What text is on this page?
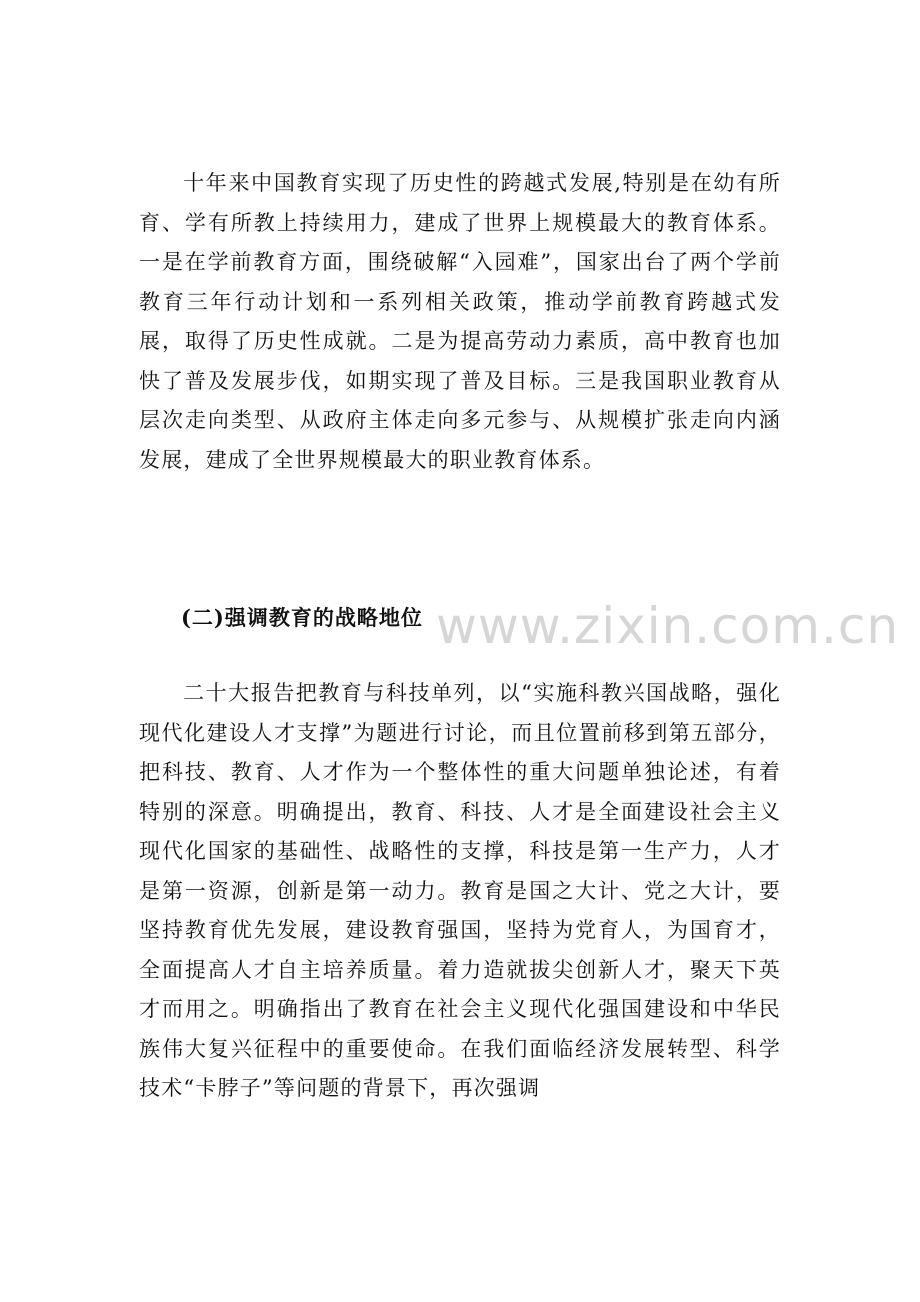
十年来中国教育实现了历史性的跨越式发展,特别是在幼有所育、学有所教上持续用力，建成了世界上规模最大的教育体系。一是在学前教育方面，围绕破解“入园难”，国家出台了两个学前教育三年行动计划和一系列相关政策，推动学前教育跨越式发展，取得了历史性成就。二是为提高劳动力素质，高中教育也加快了普及发展步伐，如期实现了普及目标。三是我国职业教育从层次走向类型、从政府主体走向多元参与、从规模扩张走向内涵发展，建成了全世界规模最大的职业教育体系。

(二)强调教育的战略地位 www.zixin.com.cn

二十大报告把教育与科技单列，以“实施科教兴国战略，强化现代化建设人才支撑”为题进行讨论，而且位置前移到第五部分，把科技、教育、人才作为一个整体性的重大问题单独论述，有着特别的深意。明确提出，教育、科技、人才是全面建设社会主义现代化国家的基础性、战略性的支撑，科技是第一生产力，人才是第一资源，创新是第一动力。教育是国之大计、党之大计，要坚持教育优先发展，建设教育强国，坚持为党育人，为国育才，全面提高人才自主培养质量。着力造就拔尖创新人才，聚天下英才而用之。明确指出了教育在社会主义现代化强国建设和中华民族伟大复兴征程中的重要使命。在我们面临经济发展转型、科学技术“卡脖子”等问题的背景下，再次强调
